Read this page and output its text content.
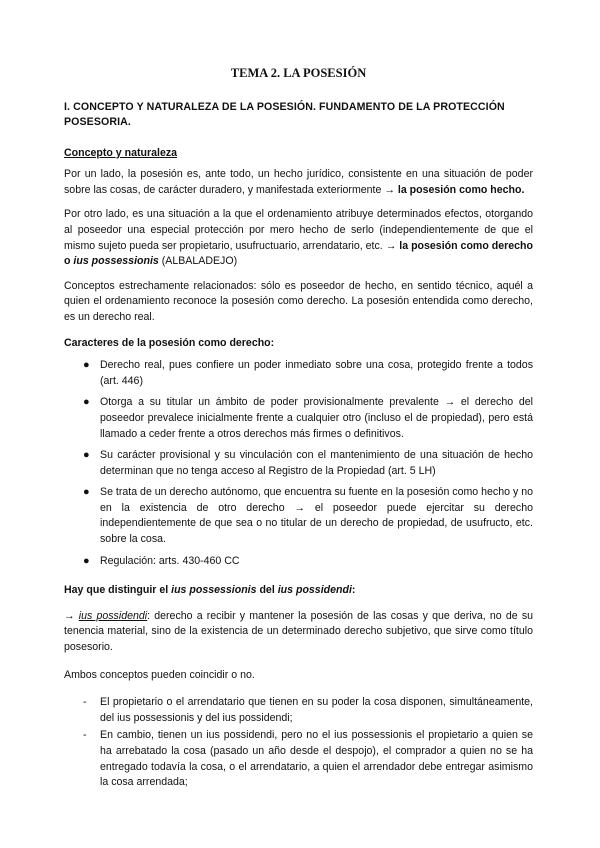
TEMA 2. LA POSESIÓN
I. CONCEPTO Y NATURALEZA DE LA POSESIÓN. FUNDAMENTO DE LA PROTECCIÓN POSESORIA.
Concepto y naturaleza

Por un lado, la posesión es, ante todo, un hecho jurídico, consistente en una situación de poder sobre las cosas, de carácter duradero, y manifestada exteriormente → la posesión como hecho.

Por otro lado, es una situación a la que el ordenamiento atribuye determinados efectos, otorgando al poseedor una especial protección por mero hecho de serlo (independientemente de que el mismo sujeto pueda ser propietario, usufructuario, arrendatario, etc. → la posesión como derecho o ius possessionis (ALBALADEJO)

Conceptos estrechamente relacionados: sólo es poseedor de hecho, en sentido técnico, aquél a quien el ordenamiento reconoce la posesión como derecho. La posesión entendida como derecho, es un derecho real.

Caracteres de la posesión como derecho:
● Derecho real, pues confiere un poder inmediato sobre una cosa, protegido frente a todos (art. 446)
● Otorga a su titular un ámbito de poder provisionalmente prevalente → el derecho del poseedor prevalece inicialmente frente a cualquier otro (incluso el de propiedad), pero está llamado a ceder frente a otros derechos más firmes o definitivos.
● Su carácter provisional y su vinculación con el mantenimiento de una situación de hecho determinan que no tenga acceso al Registro de la Propiedad (art. 5 LH)
● Se trata de un derecho autónomo, que encuentra su fuente en la posesión como hecho y no en la existencia de otro derecho → el poseedor puede ejercitar su derecho independientemente de que sea o no titular de un derecho de propiedad, de usufructo, etc. sobre la cosa.
● Regulación: arts. 430-460 CC
Hay que distinguir el ius possessionis del ius possidendi:

→ ius possidendi: derecho a recibir y mantener la posesión de las cosas y que deriva, no de su tenencia material, sino de la existencia de un determinado derecho subjetivo, que sirve como título posesorio.

Ambos conceptos pueden coincidir o no.

- El propietario o el arrendatario que tienen en su poder la cosa disponen, simultáneamente, del ius possessionis y del ius possidendi;
- En cambio, tienen un ius possidendi, pero no el ius possessionis el propietario a quien se ha arrebatado la cosa (pasado un año desde el despojo), el comprador a quien no se ha entregado todavía la cosa, o el arrendatario, a quien el arrendador debe entregar asimismo la cosa arrendada;
